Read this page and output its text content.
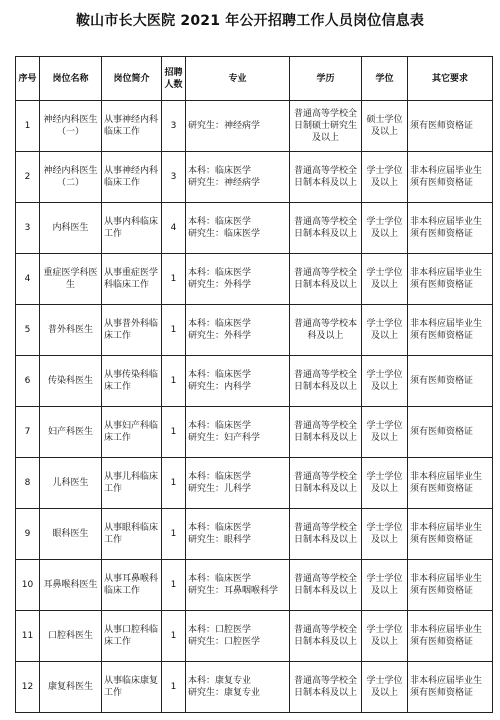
鞍山市长大医院 2021 年公开招聘工作人员岗位信息表
序号	岗位名称	岗位简介	招聘人数	专业	学历	学位	其它要求
1	神经内科医生（一）	从事神经内科临床工作	3	研究生：神经病学	普通高等学校全日制硕士研究生及以上	硕士学位及以上	须有医师资格证
2	神经内科医生（二）	从事神经内科临床工作	3	本科：临床医学
研究生：神经病学	普通高等学校全日制本科及以上	学士学位及以上	非本科应届毕业生须有医师资格证
3	内科医生	从事内科临床工作	4	本科：临床医学
研究生：临床医学	普通高等学校全日制本科及以上	学士学位及以上	非本科应届毕业生须有医师资格证
4	重症医学科医生	从事重症医学科临床工作	1	本科：临床医学
研究生：外科学	普通高等学校全日制本科及以上	学士学位及以上	非本科应届毕业生须有医师资格证
5	普外科医生	从事普外科临床工作	1	本科：临床医学
研究生：外科学	普通高等学校本科及以上	学士学位及以上	非本科应届毕业生须有医师资格证
6	传染科医生	从事传染科临床工作	1	本科：临床医学
研究生：内科学	普通高等学校全日制本科及以上	学士学位及以上	须有医师资格证
7	妇产科医生	从事妇产科临床工作	1	本科：临床医学
研究生：妇产科学	普通高等学校全日制本科及以上	学士学位及以上	须有医师资格证
8	儿科医生	从事儿科临床工作	1	本科：临床医学
研究生：儿科学	普通高等学校全日制本科及以上	学士学位及以上	非本科应届毕业生须有医师资格证
9	眼科医生	从事眼科临床工作	1	本科：临床医学
研究生：眼科学	普通高等学校全日制本科及以上	学士学位及以上	非本科应届毕业生须有医师资格证
10	耳鼻喉科医生	从事耳鼻喉科临床工作	1	本科：临床医学
研究生：耳鼻咽喉科学	普通高等学校全日制本科及以上	学士学位及以上	非本科应届毕业生须有医师资格证
11	口腔科医生	从事口腔科临床工作	1	本科：口腔医学
研究生：口腔医学	普通高等学校全日制本科及以上	学士学位及以上	非本科应届毕业生须有医师资格证
12	康复科医生	从事临床康复工作	1	本科：康复专业
研究生：康复专业	普通高等学校全日制本科及以上	学士学位及以上	非本科应届毕业生须有医师资格证
